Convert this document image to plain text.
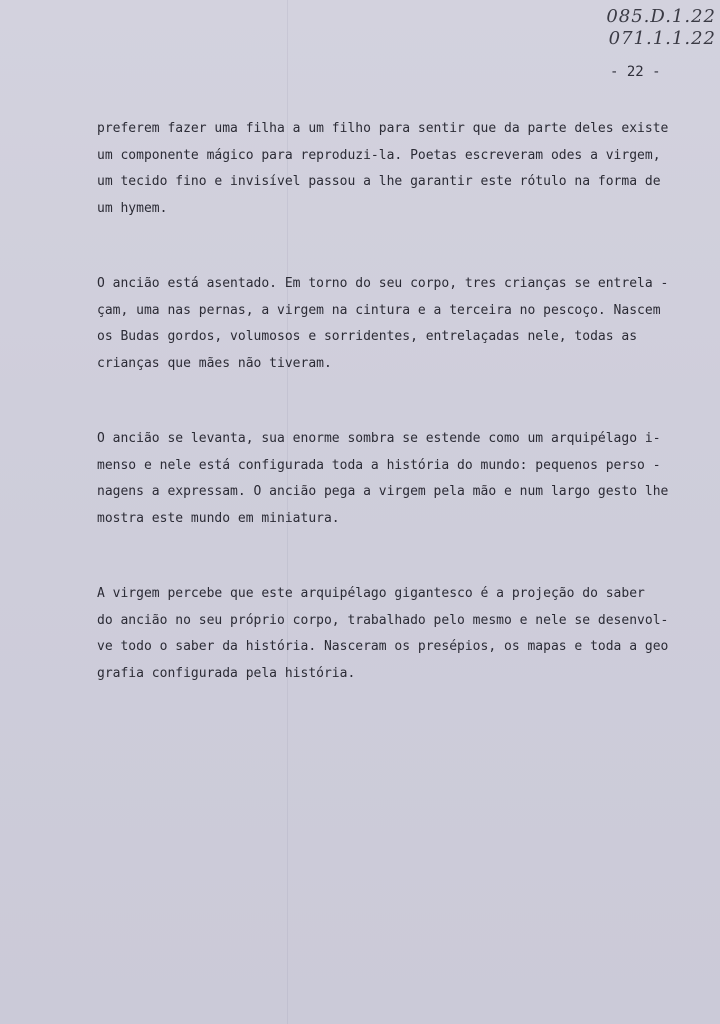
085.D.1.22
071.1.1.22
- 22 -
preferem fazer uma filha a um filho para sentir que da parte deles existe
um componente mágico para reproduzi-la. Poetas escreveram odes a virgem,
um tecido fino e invisível passou a lhe garantir este rótulo na forma de
um hymem.
O ancião está asentado. Em torno do seu corpo, tres crianças se entrela -
çam, uma nas pernas, a virgem na cintura e a terceira no pescoço. Nascem
os Budas gordos, volumosos e sorridentes, entrelaçadas nele, todas as
crianças que mães não tiveram.
O ancião se levanta, sua enorme sombra se estende como um arquipélago i-
menso e nele está configurada toda a história do mundo: pequenos perso -
nagens a expressam. O ancião pega a virgem pela mão e num largo gesto lhe
mostra este mundo em miniatura.
A virgem percebe que este arquipélago gigantesco é a projeção do saber
do ancião no seu próprio corpo, trabalhado pelo mesmo e nele se desenvol-
ve todo o saber da história. Nasceram os presépios, os mapas e toda a geo
grafia configurada pela história.
